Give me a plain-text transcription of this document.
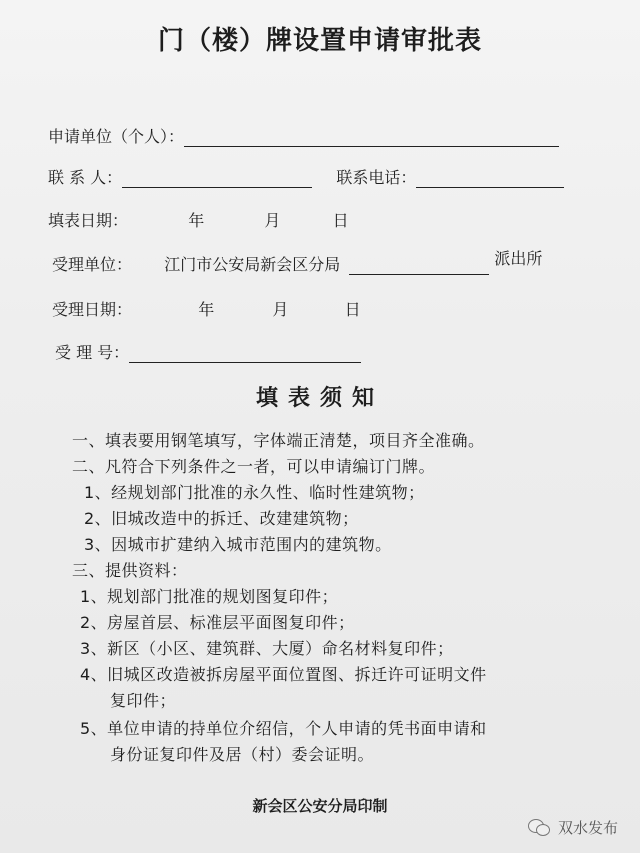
门（楼）牌设置申请审批表
申请单位（个人）：
联 系 人：	联系电话：
填表日期：	年	月	日
受理单位： 江门市公安局新会区分局	派出所
受理日期：	年	月	日
受 理 号：
填表须知
一、填表要用钢笔填写，字体端正清楚，项目齐全准确。
二、凡符合下列条件之一者，可以申请编订门牌。
1、经规划部门批准的永久性、临时性建筑物；
2、旧城改造中的拆迁、改建建筑物；
3、因城市扩建纳入城市范围内的建筑物。
三、提供资料：
1、规划部门批准的规划图复印件；
2、房屋首层、标准层平面图复印件；
3、新区（小区、建筑群、大厦）命名材料复印件；
4、旧城区改造被拆房屋平面位置图、拆迁许可证明文件
复印件；
5、单位申请的持单位介绍信，个人申请的凭书面申请和
身份证复印件及居（村）委会证明。
新会区公安分局印制
双水发布
